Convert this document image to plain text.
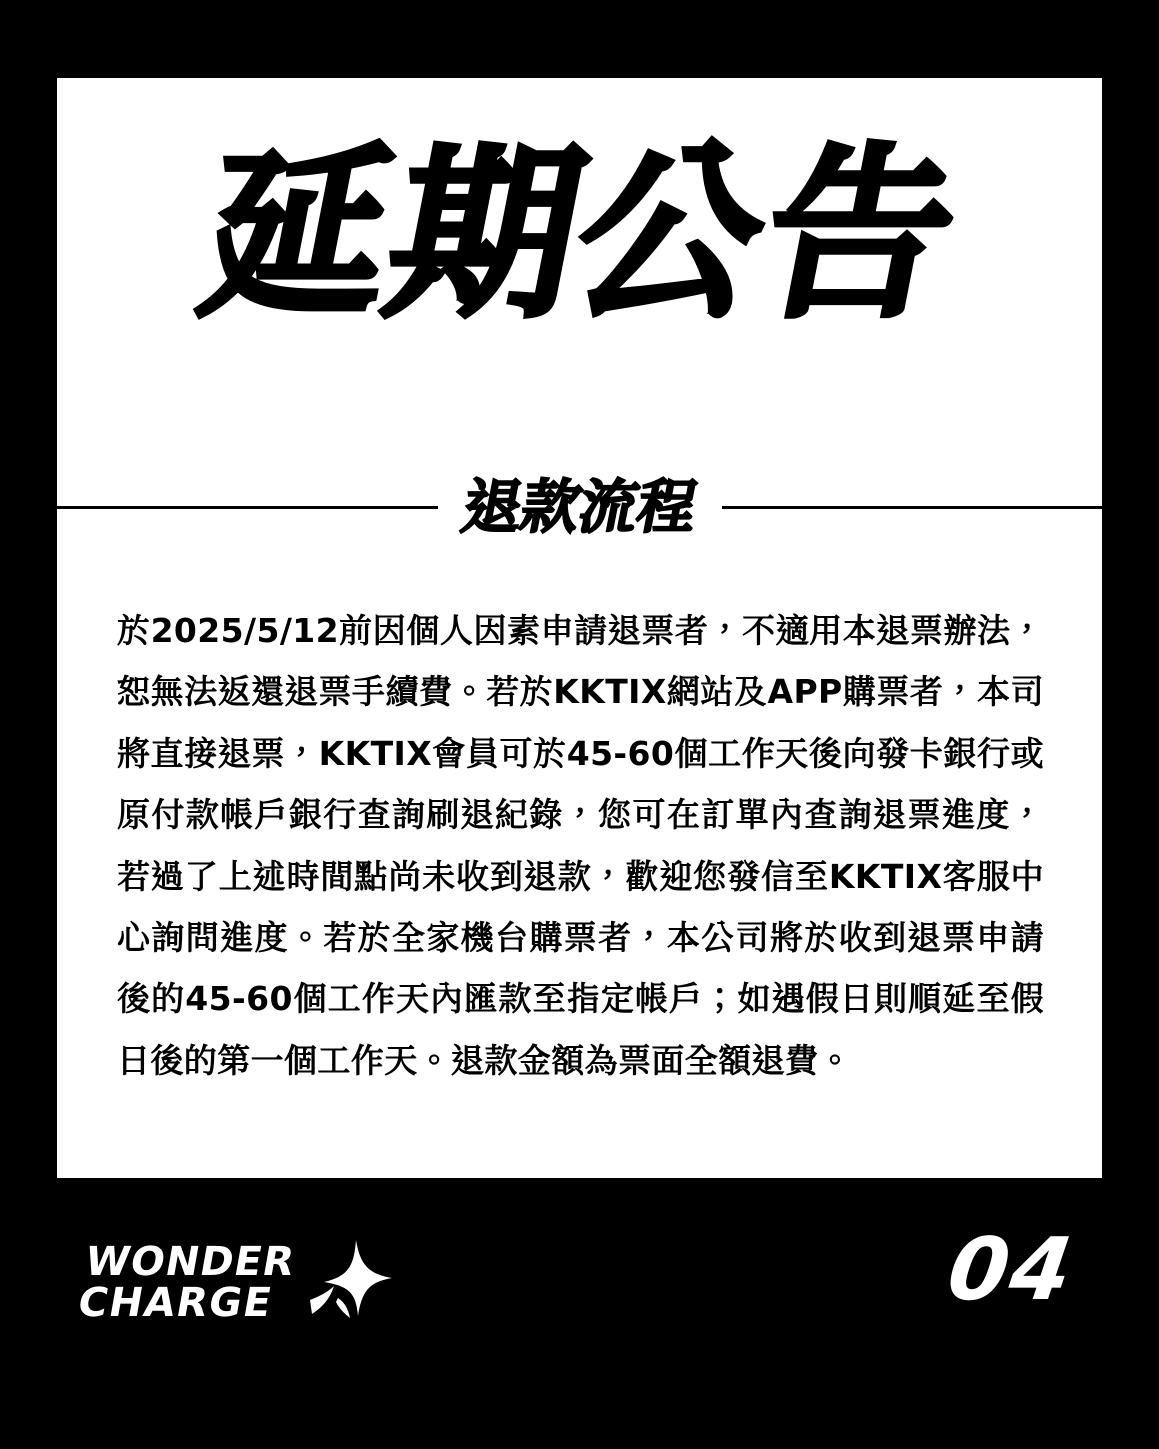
延期公告
退款流程

於2025/5/12前因個人因素申請退票者，不適用本退票辦法，恕無法返還退票手續費。若於KKTIX網站及APP購票者，本司將直接退票，KKTIX會員可於45-60個工作天後向發卡銀行或原付款帳戶銀行查詢刷退紀錄，您可在訂單內查詢退票進度，若過了上述時間點尚未收到退款，歡迎您發信至KKTIX客服中心詢問進度。若於全家機台購票者，本公司將於收到退票申請後的45-60個工作天內匯款至指定帳戶；如遇假日則順延至假日後的第一個工作天。退款金額為票面全額退費。

WONDER
CHARGE	04
